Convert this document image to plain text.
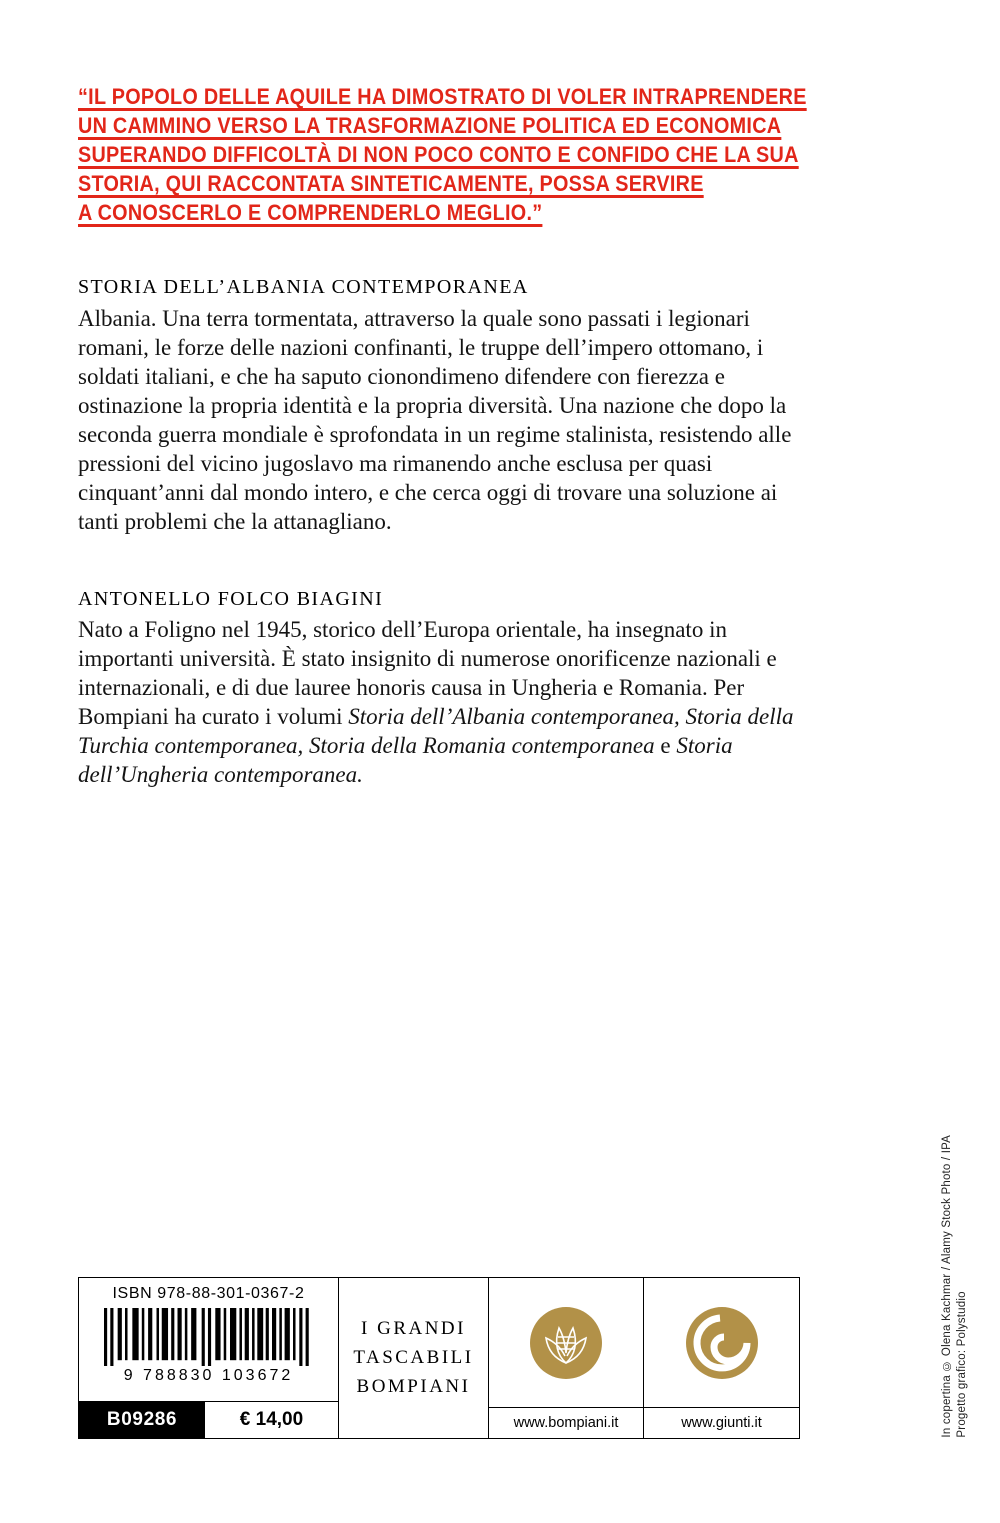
“IL POPOLO DELLE AQUILE HA DIMOSTRATO DI VOLER INTRAPRENDERE
UN CAMMINO VERSO LA TRASFORMAZIONE POLITICA ED ECONOMICA
SUPERANDO DIFFICOLTÀ DI NON POCO CONTO E CONFIDO CHE LA SUA
STORIA, QUI RACCONTATA SINTETICAMENTE, POSSA SERVIRE
A CONOSCERLO E COMPRENDERLO MEGLIO.”
STORIA DELL’ALBANIA CONTEMPORANEA
Albania. Una terra tormentata, attraverso la quale sono passati i legionari romani, le forze delle nazioni confinanti, le truppe dell’impero ottomano, i soldati italiani, e che ha saputo cionondimeno difendere con fierezza e ostinazione la propria identità e la propria diversità. Una nazione che dopo la seconda guerra mondiale è sprofondata in un regime stalinista, resistendo alle pressioni del vicino jugoslavo ma rimanendo anche esclusa per quasi cinquant’anni dal mondo intero, e che cerca oggi di trovare una soluzione ai tanti problemi che la attanagliano.
ANTONELLO FOLCO BIAGINI
Nato a Foligno nel 1945, storico dell’Europa orientale, ha insegnato in importanti università. È stato insignito di numerose onorificenze nazionali e internazionali, e di due lauree honoris causa in Ungheria e Romania. Per Bompiani ha curato i volumi Storia dell’Albania contemporanea, Storia della Turchia contemporanea, Storia della Romania contemporanea e Storia dell’Ungheria contemporanea.
ISBN 978-88-301-0367-2
9 788830 103672
B09286	€ 14,00
I GRANDI
TASCABILI
BOMPIANI
www.bompiani.it	www.giunti.it	In copertina © Olena Kachmar / Alamy Stock Photo / IPA Progetto grafico: Polystudio
